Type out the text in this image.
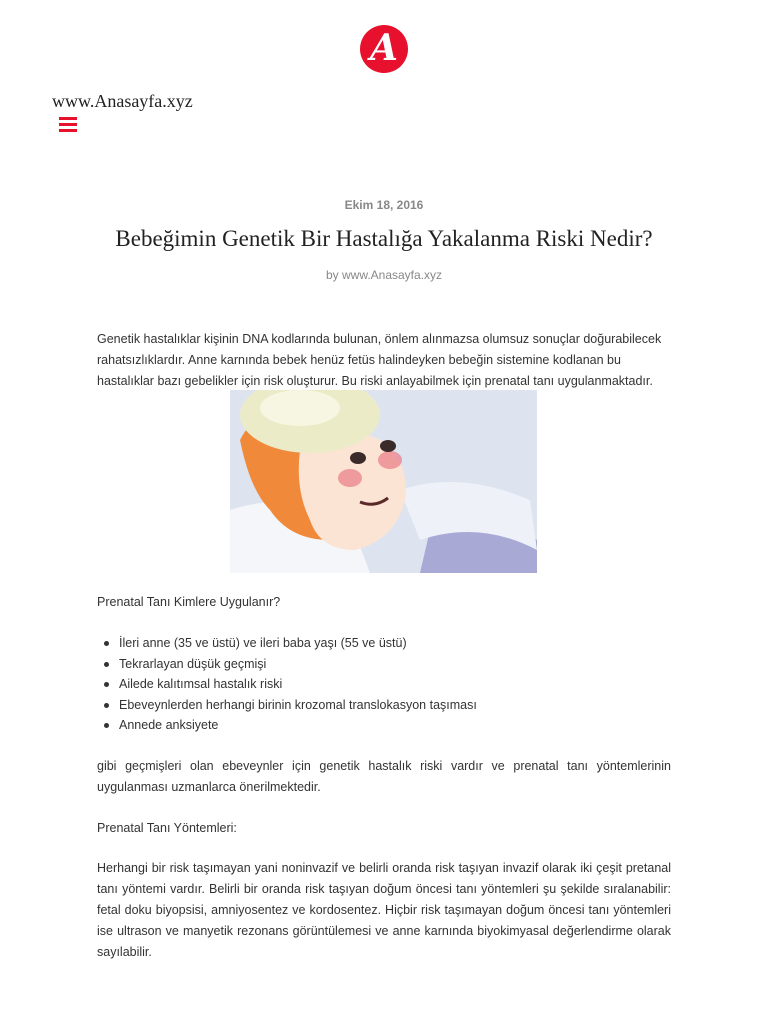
A
www.Anasayfa.xyz
Ekim 18, 2016
Bebeğimin Genetik Bir Hastalığa Yakalanma Riski Nedir?
by www.Anasayfa.xyz

Genetik hastalıklar kişinin DNA kodlarında bulunan, önlem alınmazsa olumsuz sonuçlar doğurabilecek rahatsızlıklardır. Anne karnında bebek henüz fetüs halindeyken bebeğin sistemine kodlanan bu hastalıklar bazı gebelikler için risk oluşturur. Bu riski anlayabilmek için prenatal tanı uygulanmaktadır.

Prenatal Tanı Kimlere Uygulanır?

İleri anne (35 ve üstü) ve ileri baba yaşı (55 ve üstü)
Tekrarlayan düşük geçmişi
Ailede kalıtımsal hastalık riski
Ebeveynlerden herhangi birinin krozomal translokasyon taşıması
Annede anksiyete

gibi geçmişleri olan ebeveynler için genetik hastalık riski vardır ve prenatal tanı yöntemlerinin uygulanması uzmanlarca önerilmektedir.

Prenatal Tanı Yöntemleri:

Herhangi bir risk taşımayan yani noninvazif ve belirli oranda risk taşıyan invazif olarak iki çeşit pretanal tanı yöntemi vardır. Belirli bir oranda risk taşıyan doğum öncesi tanı yöntemleri şu şekilde sıralanabilir: fetal doku biyopsisi, amniyosentez ve kordosentez. Hiçbir risk taşımayan doğum öncesi tanı yöntemleri ise ultrason ve manyetik rezonans görüntülemesi ve anne karnında biyokimyasal değerlendirme olarak sayılabilir.
